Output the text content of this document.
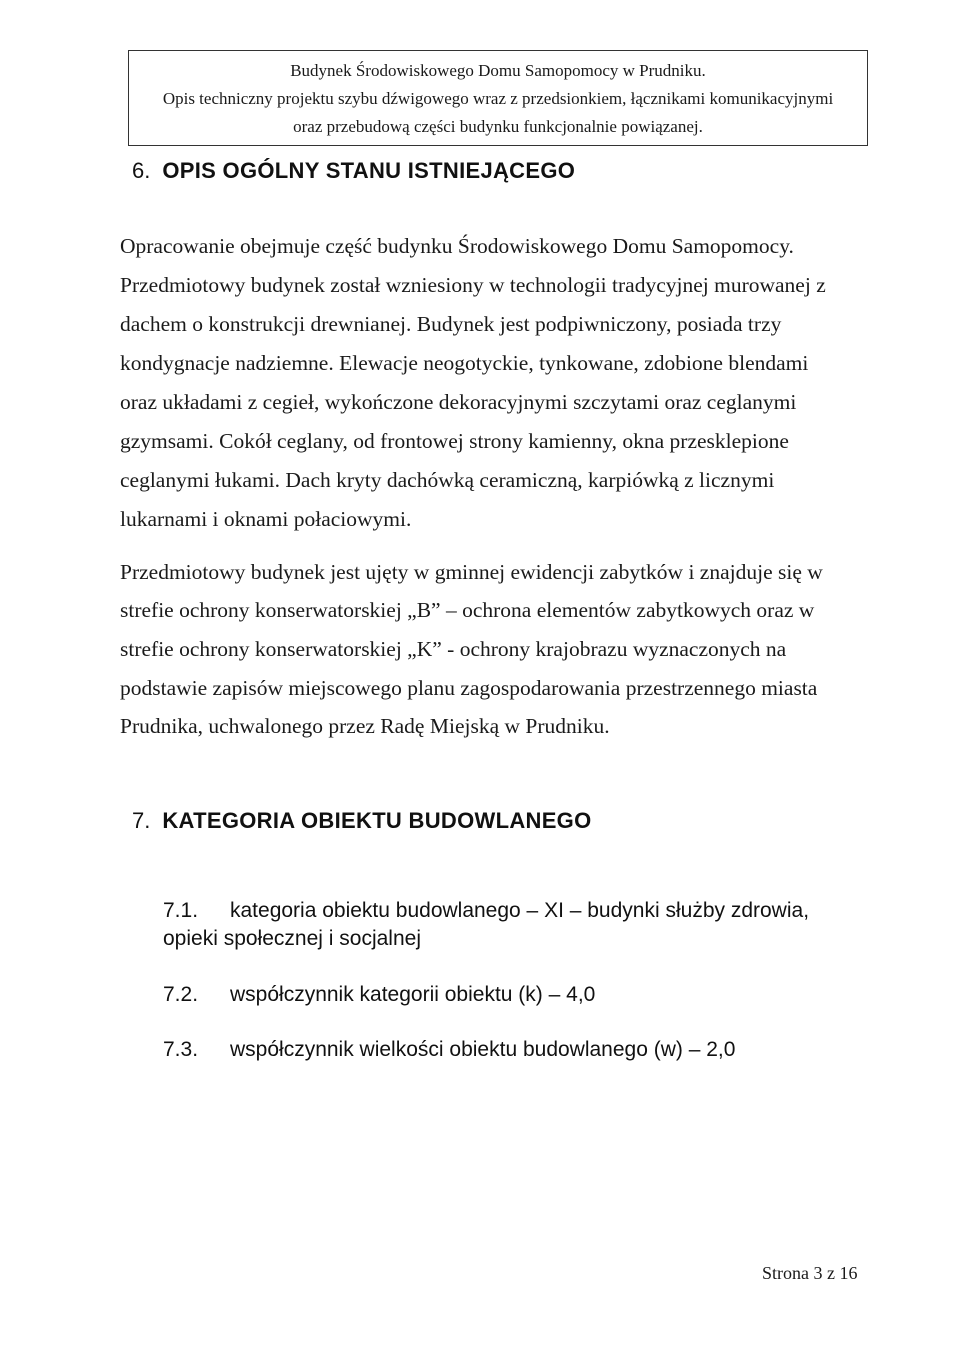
Budynek Środowiskowego Domu Samopomocy w Prudniku.
Opis techniczny projektu szybu dźwigowego wraz z przedsionkiem, łącznikami komunikacyjnymi
oraz przebudową części budynku funkcjonalnie powiązanej.
6. OPIS OGÓLNY STANU ISTNIEJĄCEGO
Opracowanie obejmuje część budynku Środowiskowego Domu Samopomocy.
Przedmiotowy budynek został wzniesiony w technologii tradycyjnej murowanej z
dachem o konstrukcji drewnianej. Budynek jest podpiwniczony, posiada trzy
kondygnacje nadziemne. Elewacje neogotyckie, tynkowane, zdobione blendami
oraz układami z cegieł, wykończone dekoracyjnymi szczytami oraz ceglanymi
gzymsami. Cokół ceglany, od frontowej strony kamienny, okna przesklepione
ceglanymi łukami. Dach kryty dachówką ceramiczną, karpiówką z licznymi
lukarnami i oknami połaciowymi.
Przedmiotowy budynek jest ujęty w gminnej ewidencji zabytków i znajduje się w
strefie ochrony konserwatorskiej „B” – ochrona elementów zabytkowych oraz w
strefie ochrony konserwatorskiej „K” - ochrony krajobrazu wyznaczonych na
podstawie zapisów miejscowego planu zagospodarowania przestrzennego miasta
Prudnika, uchwalonego przez Radę Miejską w Prudniku.
7. KATEGORIA OBIEKTU BUDOWLANEGO
7.1. kategoria obiektu budowlanego – XI – budynki służby zdrowia,
opieki społecznej i socjalnej
7.2. współczynnik kategorii obiektu (k) – 4,0
7.3. współczynnik wielkości obiektu budowlanego (w) – 2,0
Strona 3 z 16
